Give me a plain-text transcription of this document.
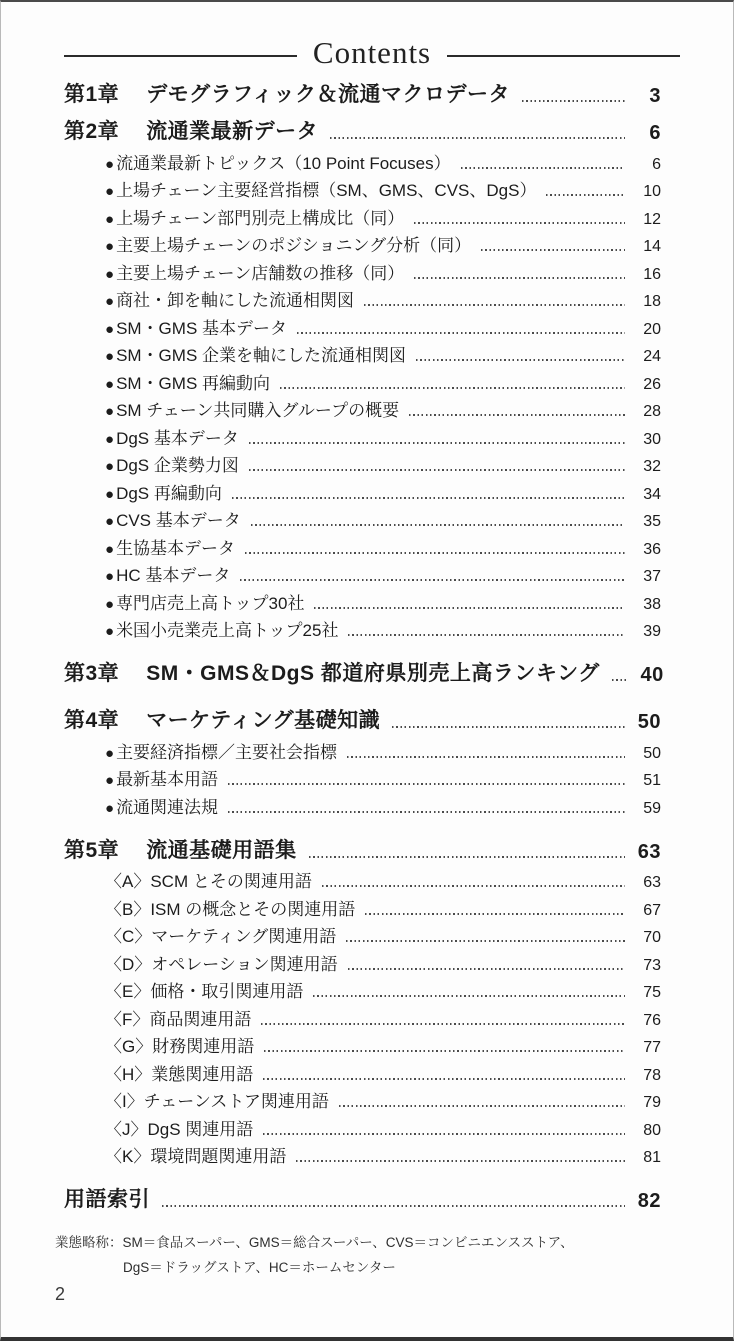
Contents
第1章 デモグラフィック＆流通マクロデータ	3
第2章 流通業最新データ	6
● 流通業最新トピックス（10 Point Focuses）	6
● 上場チェーン主要経営指標（SM、GMS、CVS、DgS）	10
● 上場チェーン部門別売上構成比（同）	12
● 主要上場チェーンのポジショニング分析（同）	14
● 主要上場チェーン店舗数の推移（同）	16
● 商社・卸を軸にした流通相関図	18
● SM・GMS 基本データ	20
● SM・GMS 企業を軸にした流通相関図	24
● SM・GMS 再編動向	26
● SM チェーン共同購入グループの概要	28
● DgS 基本データ	30
● DgS 企業勢力図	32
● DgS 再編動向	34
● CVS 基本データ	35
● 生協基本データ	36
● HC 基本データ	37
● 専門店売上高トップ30社	38
● 米国小売業売上高トップ25社	39
第3章 SM・GMS＆DgS 都道府県別売上高ランキング	40
第4章 マーケティング基礎知識	50
● 主要経済指標／主要社会指標	50
● 最新基本用語	51
● 流通関連法規	59
第5章 流通基礎用語集	63
〈A〉SCM とその関連用語	63
〈B〉ISM の概念とその関連用語	67
〈C〉マーケティング関連用語	70
〈D〉オペレーション関連用語	73
〈E〉価格・取引関連用語	75
〈F〉商品関連用語	76
〈G〉財務関連用語	77
〈H〉業態関連用語	78
〈I〉チェーンストア関連用語	79
〈J〉DgS 関連用語	80
〈K〉環境問題関連用語	81
用語索引	82
業態略称：SM＝食品スーパー、GMS＝総合スーパー、CVS＝コンビニエンスストア、
DgS＝ドラッグストア、HC＝ホームセンター
2
